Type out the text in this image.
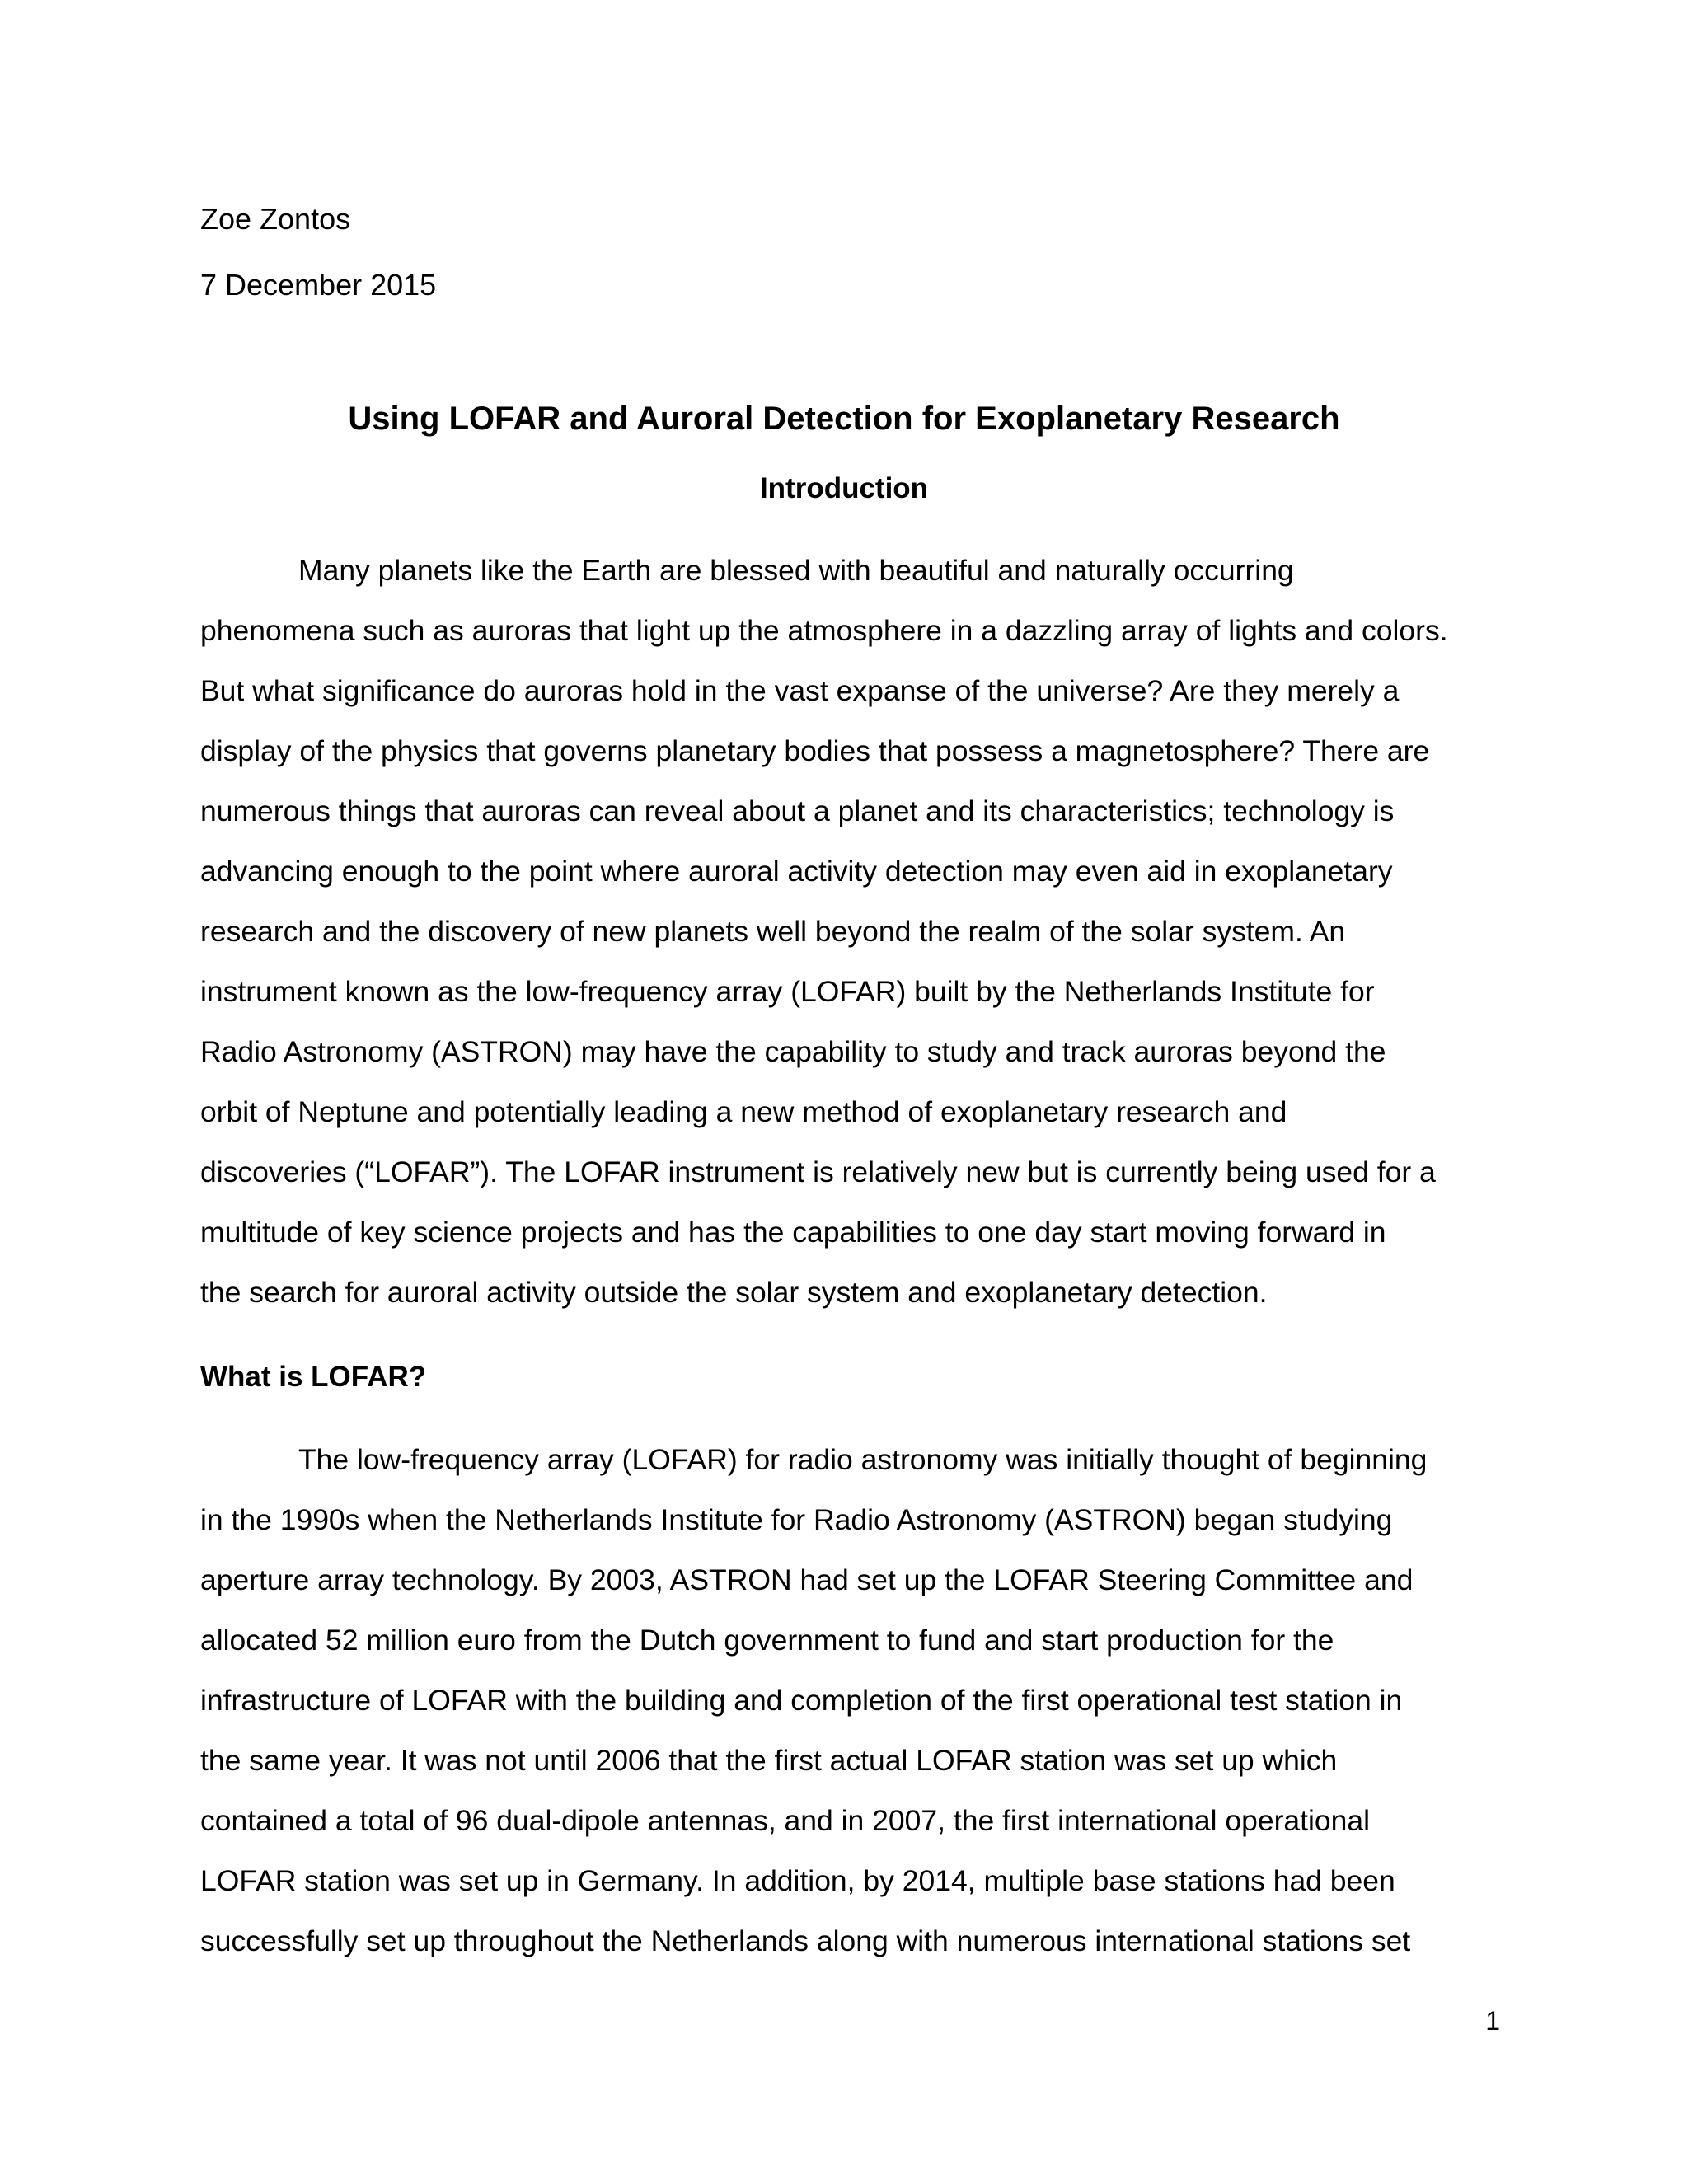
Zoe Zontos

7 December 2015

Using LOFAR and Auroral Detection for Exoplanetary Research
Introduction
Many planets like the Earth are blessed with beautiful and naturally occurring
phenomena such as auroras that light up the atmosphere in a dazzling array of lights and colors.
But what significance do auroras hold in the vast expanse of the universe? Are they merely a
display of the physics that governs planetary bodies that possess a magnetosphere? There are
numerous things that auroras can reveal about a planet and its characteristics; technology is
advancing enough to the point where auroral activity detection may even aid in exoplanetary
research and the discovery of new planets well beyond the realm of the solar system. An
instrument known as the low-frequency array (LOFAR) built by the Netherlands Institute for
Radio Astronomy (ASTRON) may have the capability to study and track auroras beyond the
orbit of Neptune and potentially leading a new method of exoplanetary research and
discoveries (“LOFAR”). The LOFAR instrument is relatively new but is currently being used for a
multitude of key science projects and has the capabilities to one day start moving forward in
the search for auroral activity outside the solar system and exoplanetary detection.
What is LOFAR?
The low-frequency array (LOFAR) for radio astronomy was initially thought of beginning
in the 1990s when the Netherlands Institute for Radio Astronomy (ASTRON) began studying
aperture array technology. By 2003, ASTRON had set up the LOFAR Steering Committee and
allocated 52 million euro from the Dutch government to fund and start production for the
infrastructure of LOFAR with the building and completion of the first operational test station in
the same year. It was not until 2006 that the first actual LOFAR station was set up which
contained a total of 96 dual-dipole antennas, and in 2007, the first international operational
LOFAR station was set up in Germany. In addition, by 2014, multiple base stations had been
successfully set up throughout the Netherlands along with numerous international stations set

1
